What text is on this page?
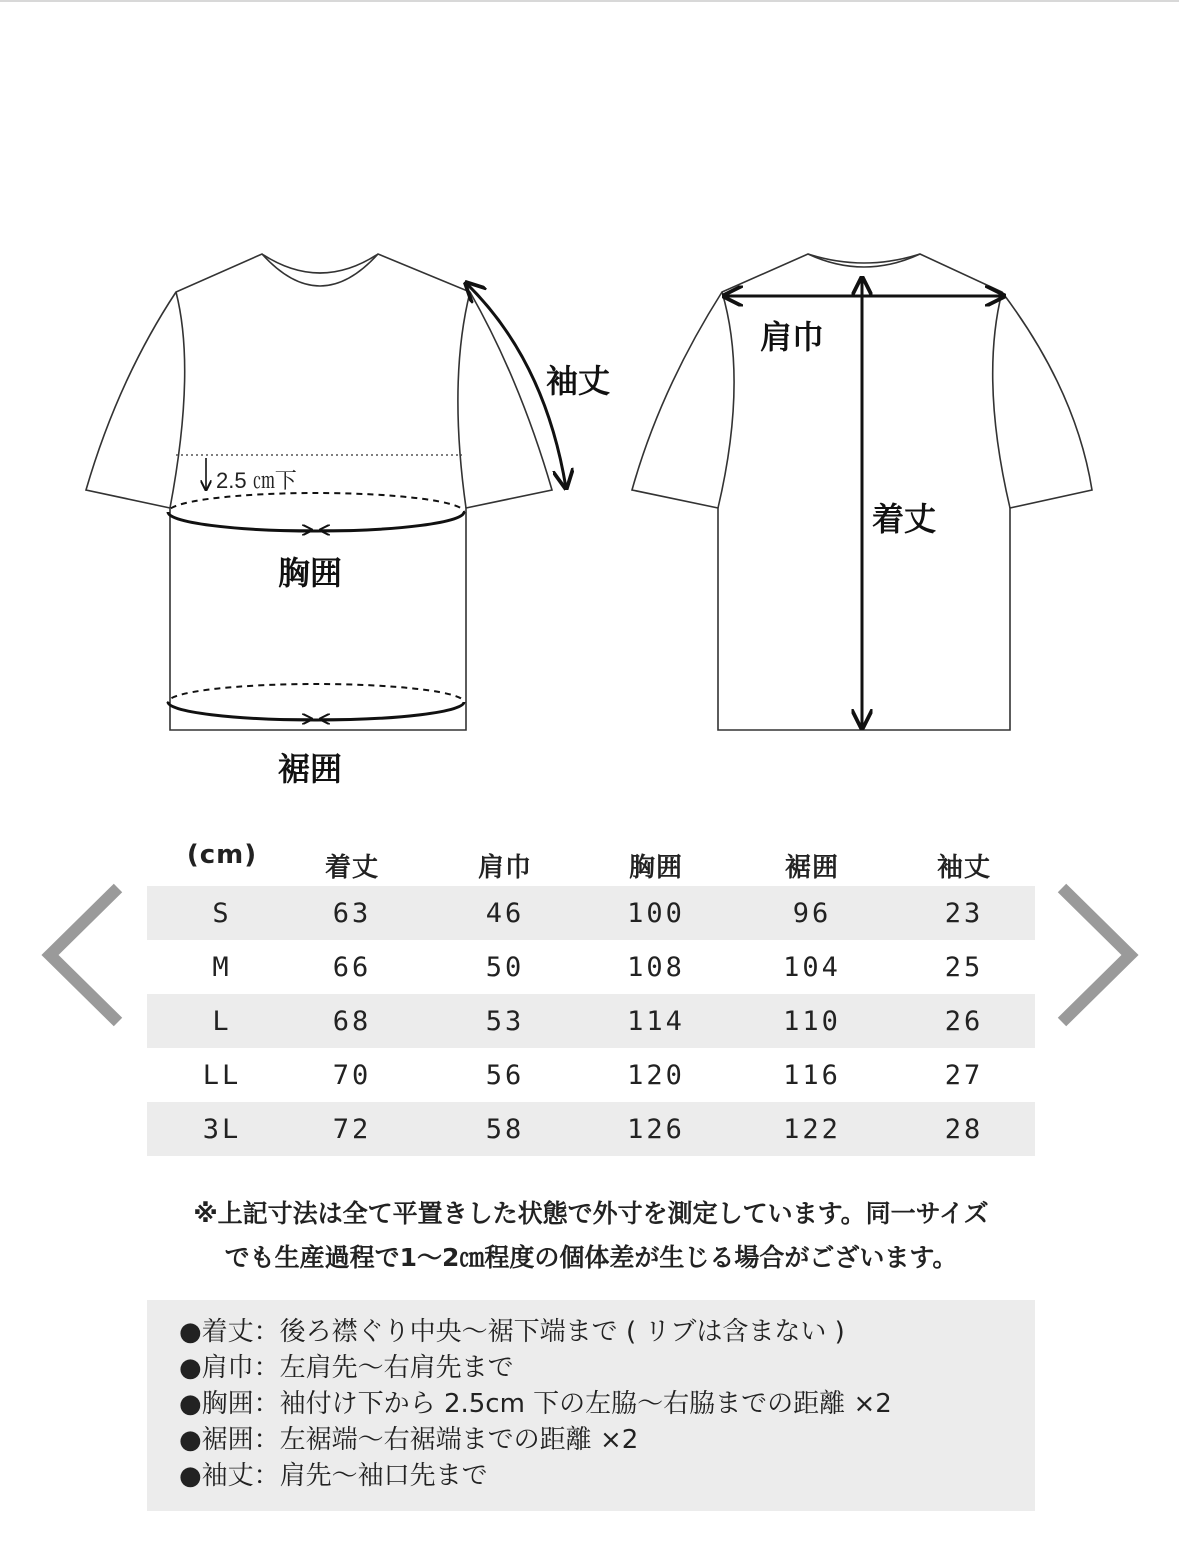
袖丈
2.5 ㎝下
胸囲
裾囲
肩巾
着丈
(cm)	着丈	肩巾	胸囲	裾囲	袖丈
S	63	46	100	96	23
M	66	50	108	104	25
L	68	53	114	110	26
LL	70	56	120	116	27
3L	72	58	126	122	28
※上記寸法は全て平置きした状態で外寸を測定しています。同一サイズ
でも生産過程で1〜2㎝程度の個体差が生じる場合がございます。
●着丈：後ろ襟ぐり中央〜裾下端まで ( リブは含まない )
●肩巾：左肩先〜右肩先まで
●胸囲：袖付け下から 2.5cm 下の左脇〜右脇までの距離 ×2
●裾囲：左裾端〜右裾端までの距離 ×2
●袖丈：肩先〜袖口先まで
